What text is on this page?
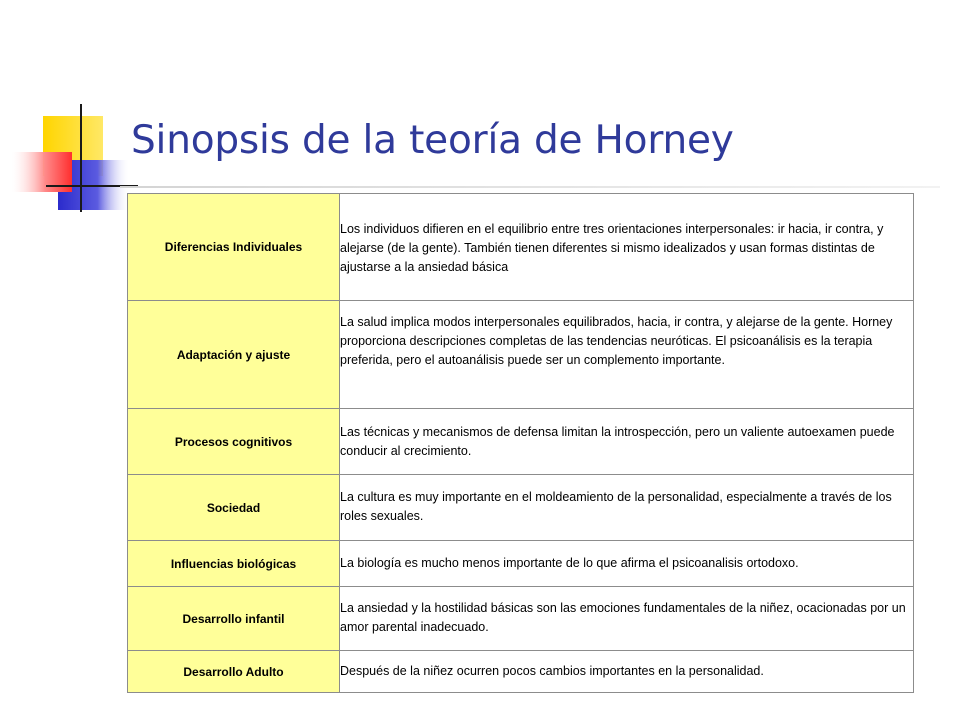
Sinopsis de la teoría de Horney
Diferencias Individuales	Los individuos difieren en el equilibrio entre tres orientaciones interpersonales: ir hacia, ir contra, y alejarse (de la gente). También tienen diferentes si mismo idealizados y usan formas distintas de ajustarse a la ansiedad básica
Adaptación y ajuste	La salud implica modos interpersonales equilibrados, hacia, ir contra, y alejarse de la gente. Horney proporciona descripciones completas de las tendencias neuróticas. El psicoanálisis es la terapia preferida, pero el autoanálisis puede ser un complemento importante.
Procesos cognitivos	Las técnicas y mecanismos de defensa limitan la introspección, pero un valiente autoexamen puede conducir al crecimiento.
Sociedad	La cultura es muy importante en el moldeamiento de la personalidad, especialmente a través de los roles sexuales.
Influencias biológicas	La biología es mucho menos importante de lo que afirma el psicoanalisis ortodoxo.
Desarrollo infantil	La ansiedad y la hostilidad básicas son las emociones fundamentales de la niñez, ocacionadas por un amor parental inadecuado.
Desarrollo Adulto	Después de la niñez ocurren pocos cambios importantes en la personalidad.
